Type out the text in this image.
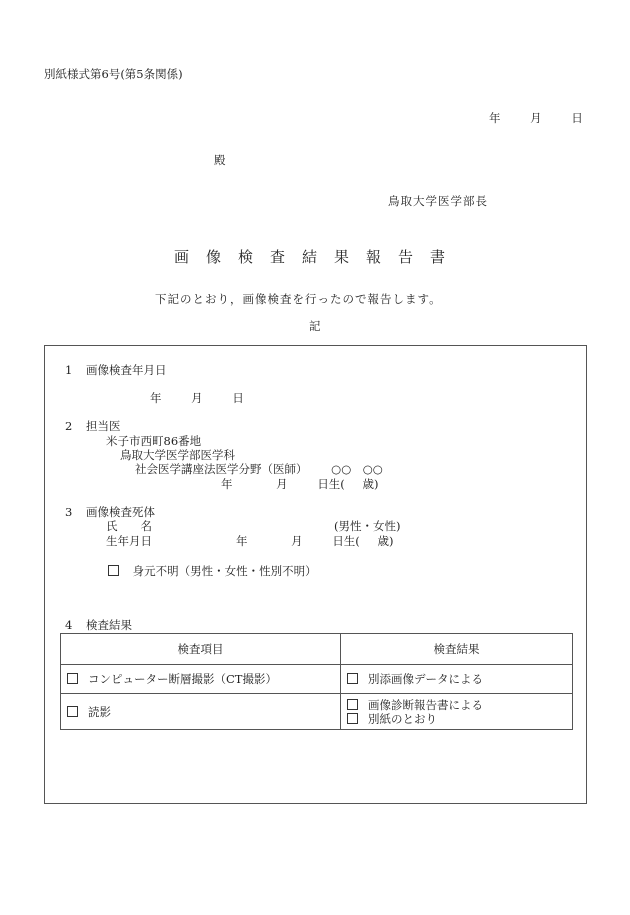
別紙様式第6号(第5条関係)
年	月	日
殿
鳥取大学医学部長
画像検査結果報告書
下記のとおり，画像検査を行ったので報告します。
記
1 画像検査年月日
年	月	日
2 担当医
米子市西町86番地
鳥取大学医学部医学科
社会医学講座法医学分野（医師） ○○　○○
年	月	日生( 歳)
3 画像検査死体
氏　　名	(男性・女性)
生年月日	年	月	日生( 歳)
身元不明（男性・女性・性別不明）
4 検査結果
検査項目	検査結果
コンピューター断層撮影（CT撮影）	別添画像データによる
読影	画像診断報告書による
別紙のとおり
